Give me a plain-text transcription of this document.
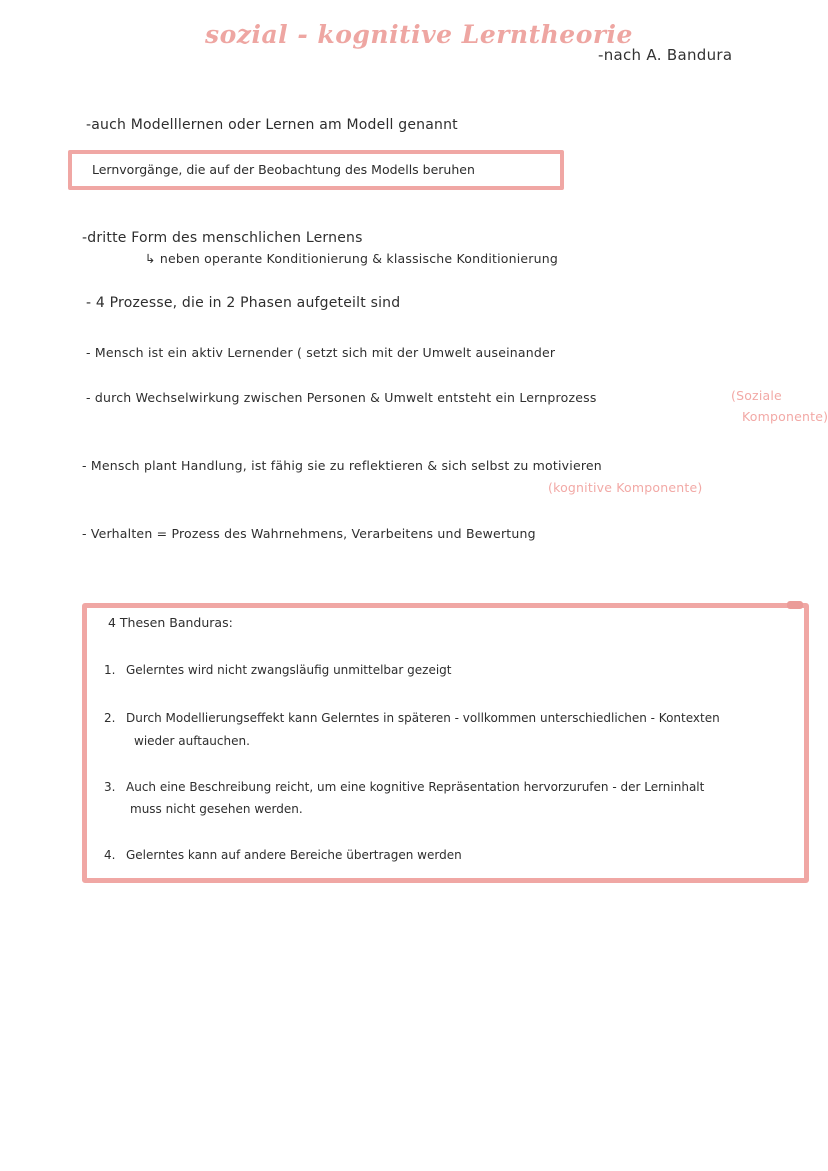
sozial - kognitive Lerntheorie
-nach A. Bandura
-auch Modelllernen oder Lernen am Modell genannt
Lernvorgänge, die auf der Beobachtung des Modells beruhen
-dritte Form des menschlichen Lernens
↳ neben operante Konditionierung & klassische Konditionierung
- 4 Prozesse, die in 2 Phasen aufgeteilt sind
- Mensch ist ein aktiv Lernender ( setzt sich mit der Umwelt auseinander
- durch Wechselwirkung zwischen Personen & Umwelt entsteht ein Lernprozess	(Soziale
Komponente)
- Mensch plant Handlung, ist fähig sie zu reflektieren & sich selbst zu motivieren
(kognitive Komponente)
- Verhalten = Prozess des Wahrnehmens, Verarbeitens und Bewertung
4 Thesen Banduras:
1. Gelerntes wird nicht zwangsläufig unmittelbar gezeigt
2. Durch Modellierungseffekt kann Gelerntes in späteren - vollkommen unterschiedlichen - Kontexten
wieder auftauchen.
3. Auch eine Beschreibung reicht, um eine kognitive Repräsentation hervorzurufen - der Lerninhalt
muss nicht gesehen werden.
4. Gelerntes kann auf andere Bereiche übertragen werden
